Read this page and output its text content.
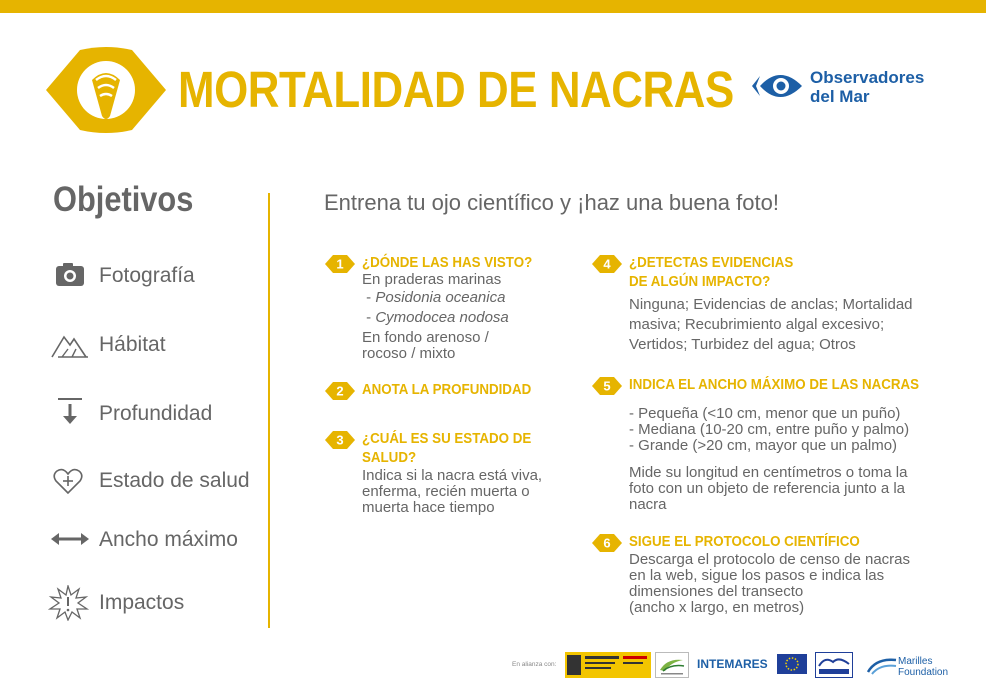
MORTALIDAD DE NACRAS	Observadores
del Mar
Objetivos
Fotografía
Hábitat
Profundidad
Estado de salud
Ancho máximo
Impactos
Entrena tu ojo científico y ¡haz una buena foto!
1 ¿DÓNDE LAS HAS VISTO?
En praderas marinas
- Posidonia oceanica
- Cymodocea nodosa
En fondo arenoso /
rocoso / mixto
2 ANOTA LA PROFUNDIDAD
3 ¿CUÁL ES SU ESTADO DE
SALUD?
Indica si la nacra está viva,
enferma, recién muerta o
muerta hace tiempo
4 ¿DETECTAS EVIDENCIAS
DE ALGÚN IMPACTO?
Ninguna; Evidencias de anclas; Mortalidad
masiva; Recubrimiento algal excesivo;
Vertidos; Turbidez del agua; Otros
5 INDICA EL ANCHO MÁXIMO DE LAS NACRAS
- Pequeña (<10 cm, menor que un puño)
- Mediana (10-20 cm, entre puño y palmo)
- Grande (>20 cm, mayor que un palmo)
Mide su longitud en centímetros o toma la
foto con un objeto de referencia junto a la
nacra
6 SIGUE EL PROTOCOLO CIENTÍFICO
Descarga el protocolo de censo de nacras
en la web, sigue los pasos e indica las
dimensiones del transecto
(ancho x largo, en metros)
En alianza con:	INTEMARES	Marilles
Foundation
